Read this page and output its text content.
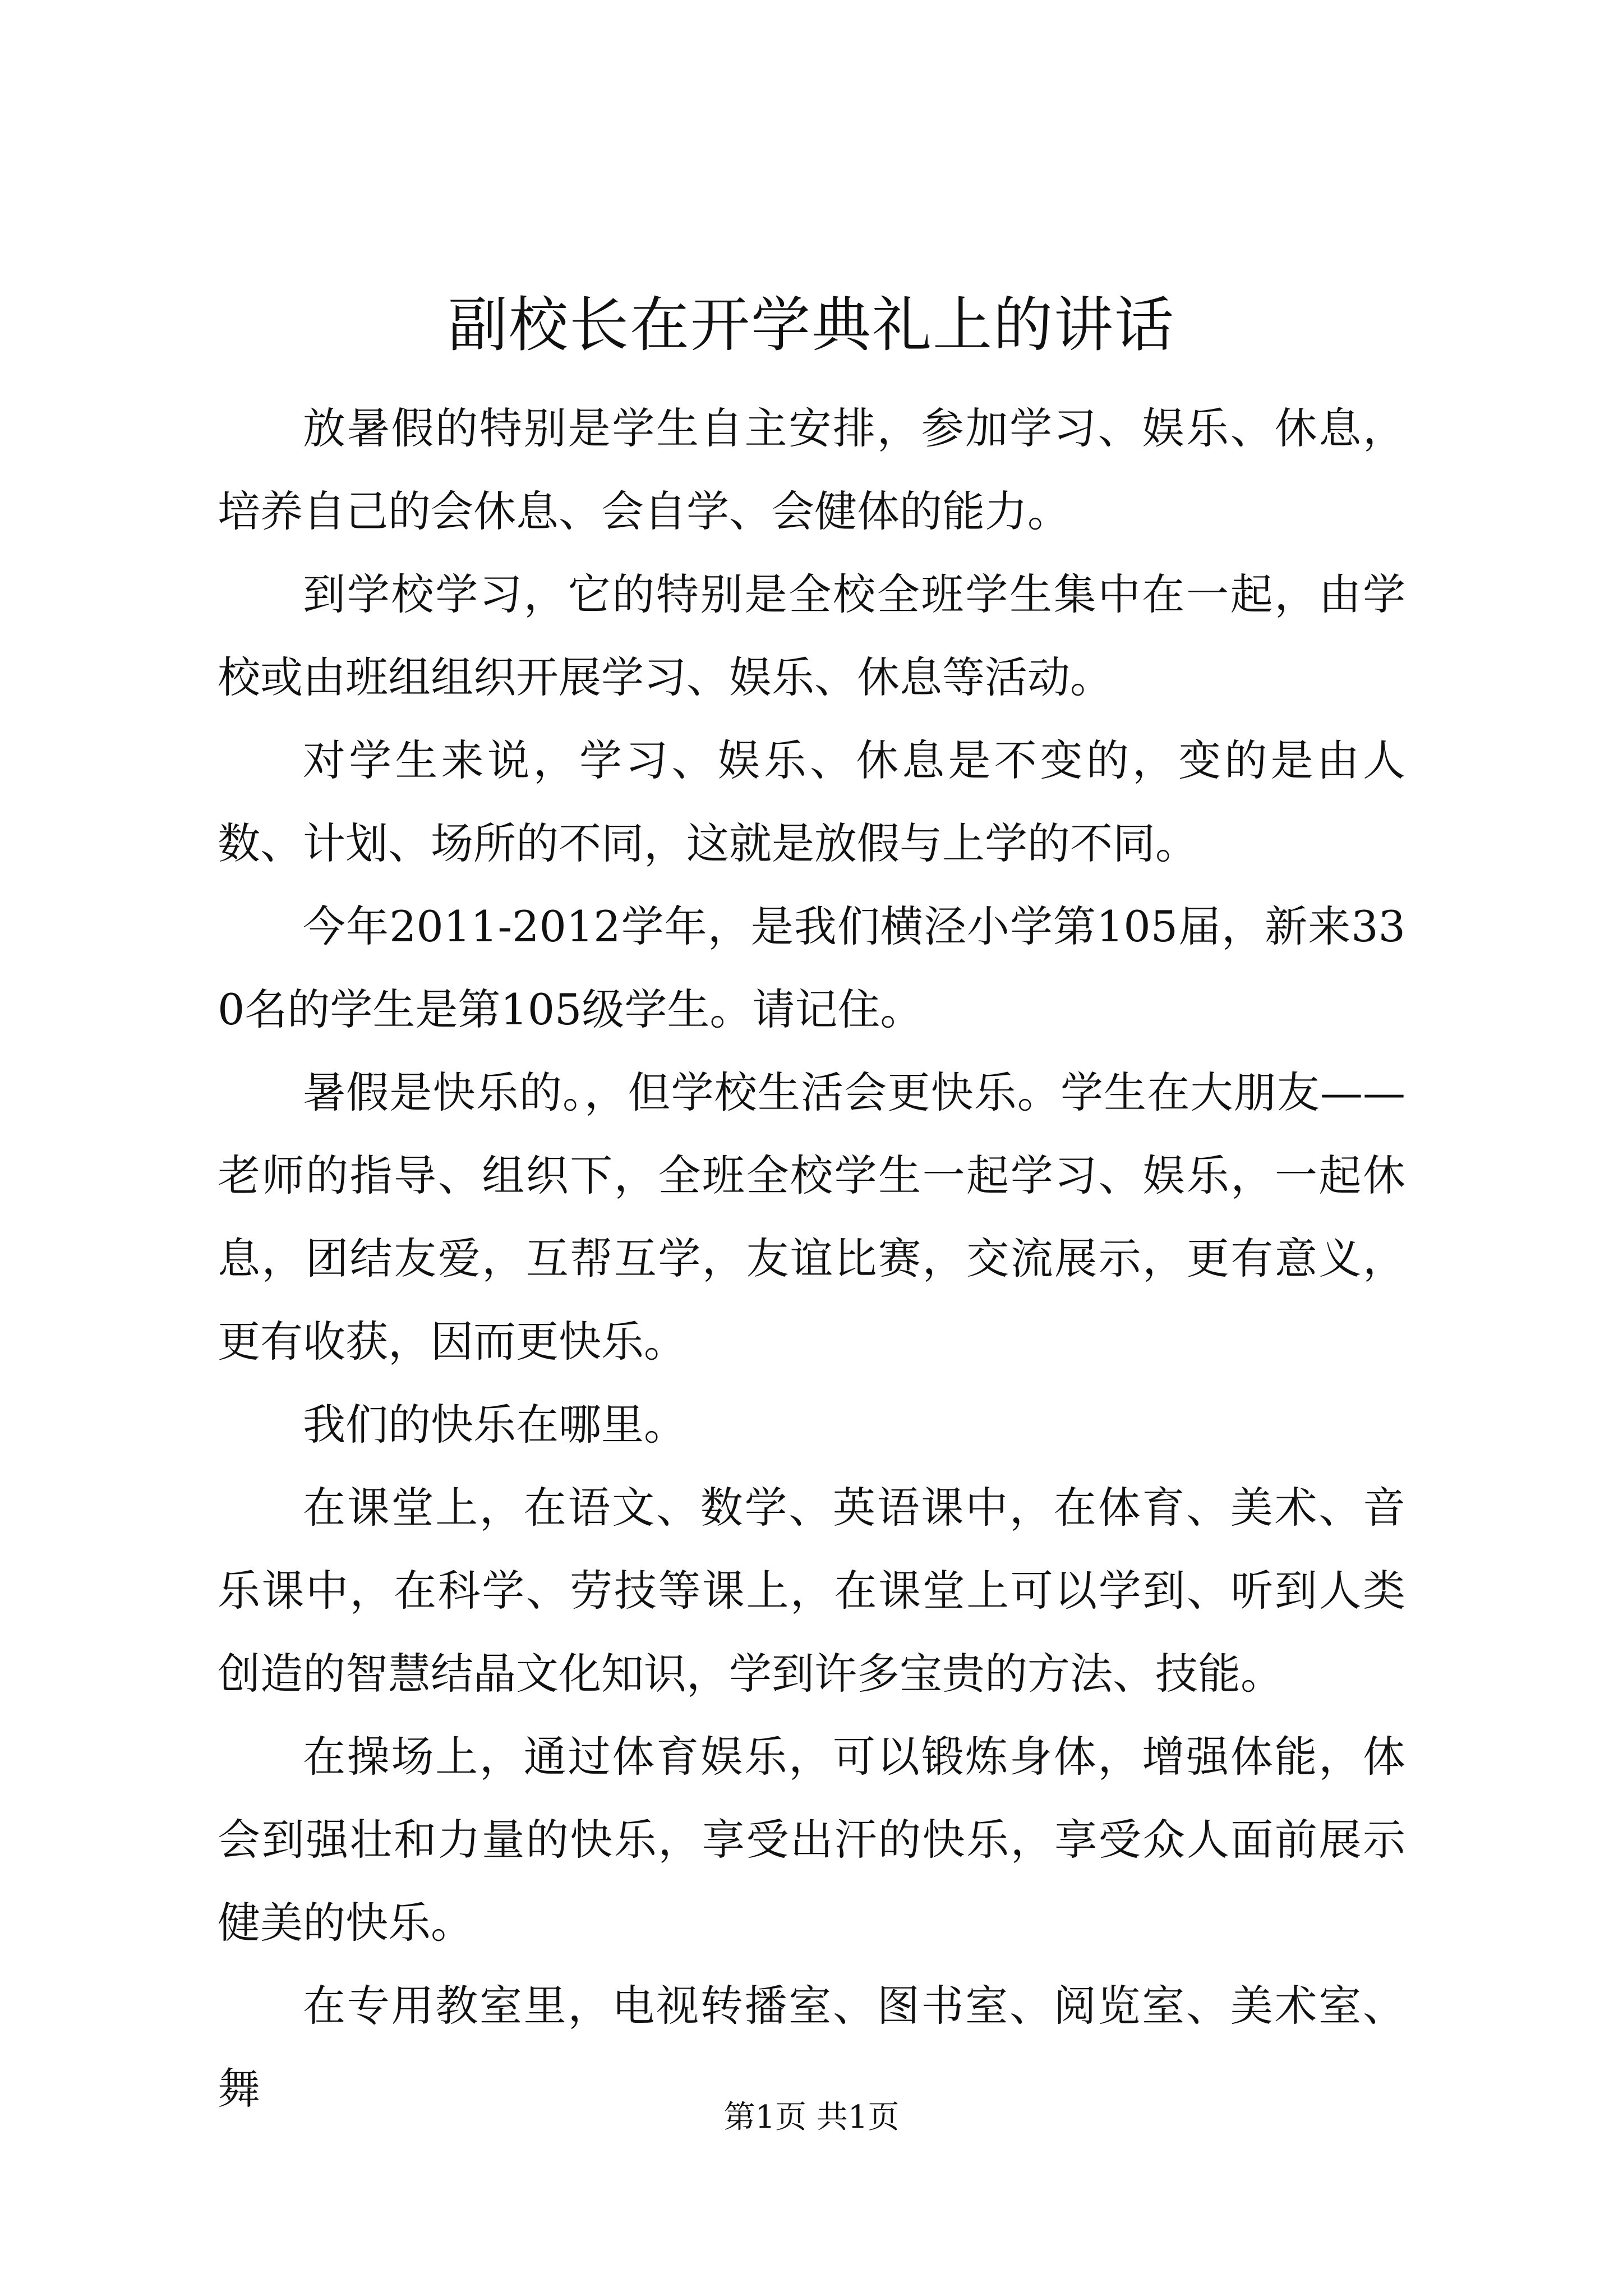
副校长在开学典礼上的讲话

放暑假的特别是学生自主安排，参加学习、娱乐、休息，培养自己的会休息、会自学、会健体的能力。

到学校学习，它的特别是全校全班学生集中在一起，由学校或由班组组织开展学习、娱乐、休息等活动。

对学生来说，学习、娱乐、休息是不变的，变的是由人数、计划、场所的不同，这就是放假与上学的不同。

今年2011-2012学年，是我们横泾小学第105届，新来330名的学生是第105级学生。请记住。

暑假是快乐的。，但学校生活会更快乐。学生在大朋友——老师的指导、组织下，全班全校学生一起学习、娱乐，一起休息，团结友爱，互帮互学，友谊比赛，交流展示，更有意义，更有收获，因而更快乐。

我们的快乐在哪里。

在课堂上，在语文、数学、英语课中，在体育、美术、音乐课中，在科学、劳技等课上，在课堂上可以学到、听到人类创造的智慧结晶文化知识，学到许多宝贵的方法、技能。

在操场上，通过体育娱乐，可以锻炼身体，增强体能，体会到强壮和力量的快乐，享受出汗的快乐，享受众人面前展示健美的快乐。

在专用教室里，电视转播室、图书室、阅览室、美术室、舞

第1页 共1页
